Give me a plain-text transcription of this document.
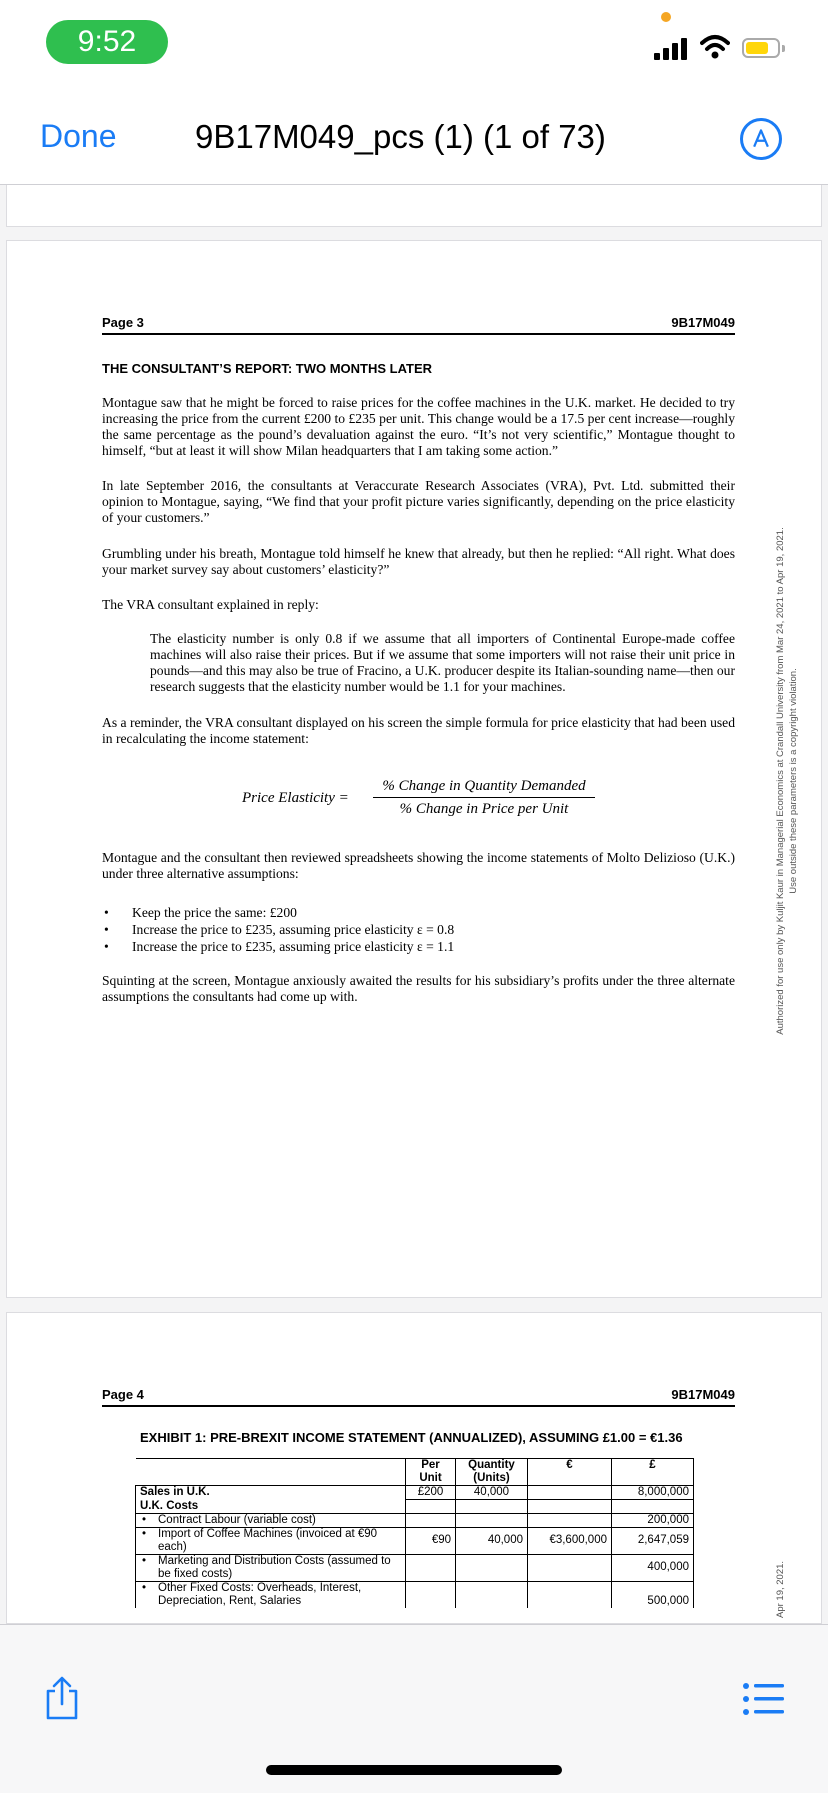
9:52
Done 9B17M049_pcs (1) (1 of 73)
Page 3	9B17M049
THE CONSULTANT’S REPORT: TWO MONTHS LATER

Montague saw that he might be forced to raise prices for the coffee machines in the U.K. market. He decided to try increasing the price from the current £200 to £235 per unit. This change would be a 17.5 per cent increase—roughly the same percentage as the pound’s devaluation against the euro. “It’s not very scientific,” Montague thought to himself, “but at least it will show Milan headquarters that I am taking some action.”

In late September 2016, the consultants at Veraccurate Research Associates (VRA), Pvt. Ltd. submitted their opinion to Montague, saying, “We find that your profit picture varies significantly, depending on the price elasticity of your customers.”

Grumbling under his breath, Montague told himself he knew that already, but then he replied: “All right. What does your market survey say about customers’ elasticity?”

The VRA consultant explained in reply:

The elasticity number is only 0.8 if we assume that all importers of Continental Europe-made coffee machines will also raise their prices. But if we assume that some importers will not raise their unit price in pounds—and this may also be true of Fracino, a U.K. producer despite its Italian-sounding name—then our research suggests that the elasticity number would be 1.1 for your machines.

As a reminder, the VRA consultant displayed on his screen the simple formula for price elasticity that had been used in recalculating the income statement:

Price Elasticity =
% Change in Quantity Demanded
% Change in Price per Unit

Montague and the consultant then reviewed spreadsheets showing the income statements of Molto Delizioso (U.K.) under three alternative assumptions:

• Keep the price the same: £200
• Increase the price to £235, assuming price elasticity ε = 0.8
• Increase the price to £235, assuming price elasticity ε = 1.1

Squinting at the screen, Montague anxiously awaited the results for his subsidiary’s profits under the three alternate assumptions the consultants had come up with.	Authorized for use only by Kuljit Kaur in Managerial Economics at Crandall University from Mar 24, 2021 to Apr 19, 2021. Use outside these parameters is a copyright violation.
Page 4	9B17M049
EXHIBIT 1: PRE-BREXIT INCOME STATEMENT (ANNUALIZED), ASSUMING £1.00 = €1.36
	Per Unit	Quantity (Units)	€	£
Sales in U.K.	£200	40,000		8,000,000
U.K. Costs				
• Contract Labour (variable cost)				200,000
• Import of Coffee Machines (invoiced at €90 each)	€90	40,000	€3,600,000	2,647,059
• Marketing and Distribution Costs (assumed to be fixed costs)				400,000
• Other Fixed Costs: Overheads, Interest, Depreciation, Rent, Salaries				500,000	Apr 19, 2021.
